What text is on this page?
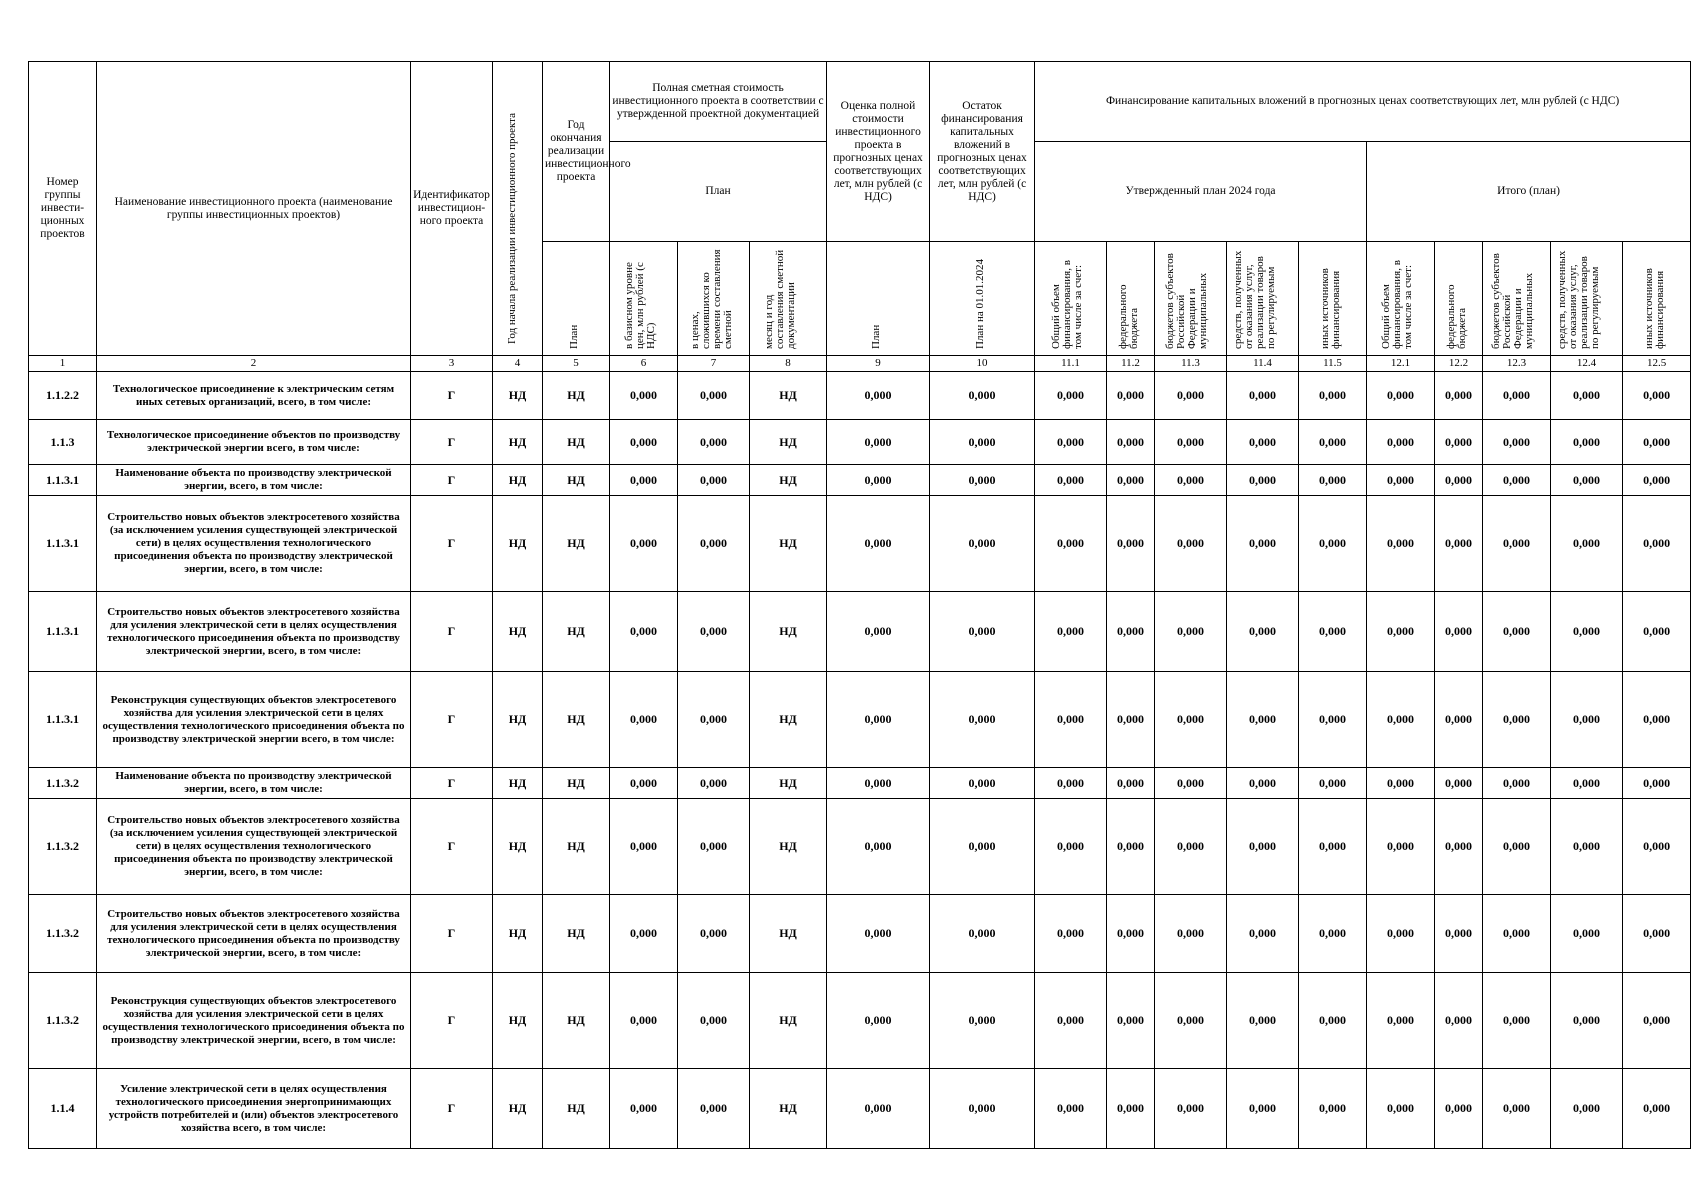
Номер группы инвести-ционных проектов	Наименование инвестиционного проекта (наименование группы инвестиционных проектов)	Идентификатор инвестицион-ного проекта	Год начала реализации инвестиционного проекта	Год окончания реализации инвестиционного проекта	Полная сметная стоимость инвестиционного проекта в соответствии с утвержденной проектной документацией			Оценка полной стоимости инвестиционного проекта в прогнозных ценах соответствующих лет, млн рублей (с НДС)	Остаток финансирования капитальных вложений в прогнозных ценах соответствующих лет, млн рублей (с НДС)	Финансирование капитальных вложений в прогнозных ценах соответствующих лет, млн рублей (с НДС)									
					План					Утвержденный план 2024 года					Итого (план)				

				План	в базисном уровне цен, млн рублей (с НДС)	в ценах, сложившихся ко времени составления сметной	месяц и год составления сметной документации	План	План на 01.01.2024	Общий объем финансирования, в том числе за счет:	федерального бюджета	бюджетов субъектов Российской Федерации и муниципальных	средств, полученных от оказания услуг, реализации товаров по регулируемым	иных источников финансирования	Общий объем финансирования, в том числе за счет:	федерального бюджета	бюджетов субъектов Российской Федерации и муниципальных	средств, полученных от оказания услуг, реализации товаров по регулируемым	иных источников финансирования

1	2	3	4	5	6	7	8	9	10	11.1	11.2	11.3	11.4	11.5	12.1	12.2	12.3	12.4	12.5
1.1.2.2	Технологическое присоединение к электрическим сетям иных сетевых организаций, всего, в том числе:	Г	НД	НД	0,000	0,000	НД	0,000	0,000	0,000	0,000	0,000	0,000	0,000	0,000	0,000	0,000	0,000	0,000
1.1.3	Технологическое присоединение объектов по производству электрической энергии всего, в том числе:	Г	НД	НД	0,000	0,000	НД	0,000	0,000	0,000	0,000	0,000	0,000	0,000	0,000	0,000	0,000	0,000	0,000
1.1.3.1	Наименование объекта по производству электрической энергии, всего, в том числе:	Г	НД	НД	0,000	0,000	НД	0,000	0,000	0,000	0,000	0,000	0,000	0,000	0,000	0,000	0,000	0,000	0,000
1.1.3.1	Строительство новых объектов электросетевого хозяйства (за исключением усиления существующей электрической сети) в целях осуществления технологического присоединения объекта по производству электрической энергии, всего, в том числе:	Г	НД	НД	0,000	0,000	НД	0,000	0,000	0,000	0,000	0,000	0,000	0,000	0,000	0,000	0,000	0,000	0,000
1.1.3.1	Строительство новых объектов электросетевого хозяйства для усиления электрической сети в целях осуществления технологического присоединения объекта по производству электрической энергии, всего, в том числе:	Г	НД	НД	0,000	0,000	НД	0,000	0,000	0,000	0,000	0,000	0,000	0,000	0,000	0,000	0,000	0,000	0,000
1.1.3.1	Реконструкция существующих объектов электросетевого хозяйства для усиления электрической сети в целях осуществления технологического присоединения объекта по производству электрической энергии всего, в том числе:	Г	НД	НД	0,000	0,000	НД	0,000	0,000	0,000	0,000	0,000	0,000	0,000	0,000	0,000	0,000	0,000	0,000
1.1.3.2	Наименование объекта по производству электрической энергии, всего, в том числе:	Г	НД	НД	0,000	0,000	НД	0,000	0,000	0,000	0,000	0,000	0,000	0,000	0,000	0,000	0,000	0,000	0,000
1.1.3.2	Строительство новых объектов электросетевого хозяйства (за исключением усиления существующей электрической сети) в целях осуществления технологического присоединения объекта по производству электрической энергии, всего, в том числе:	Г	НД	НД	0,000	0,000	НД	0,000	0,000	0,000	0,000	0,000	0,000	0,000	0,000	0,000	0,000	0,000	0,000
1.1.3.2	Строительство новых объектов электросетевого хозяйства для усиления электрической сети в целях осуществления технологического присоединения объекта по производству электрической энергии, всего, в том числе:	Г	НД	НД	0,000	0,000	НД	0,000	0,000	0,000	0,000	0,000	0,000	0,000	0,000	0,000	0,000	0,000	0,000
1.1.3.2	Реконструкция существующих объектов электросетевого хозяйства для усиления электрической сети в целях осуществления технологического присоединения объекта по производству электрической энергии, всего, в том числе:	Г	НД	НД	0,000	0,000	НД	0,000	0,000	0,000	0,000	0,000	0,000	0,000	0,000	0,000	0,000	0,000	0,000
1.1.4	Усиление электрической сети в целях осуществления технологического присоединения энергопринимающих устройств потребителей и (или) объектов электросетевого хозяйства всего, в том числе:	Г	НД	НД	0,000	0,000	НД	0,000	0,000	0,000	0,000	0,000	0,000	0,000	0,000	0,000	0,000	0,000	0,000
